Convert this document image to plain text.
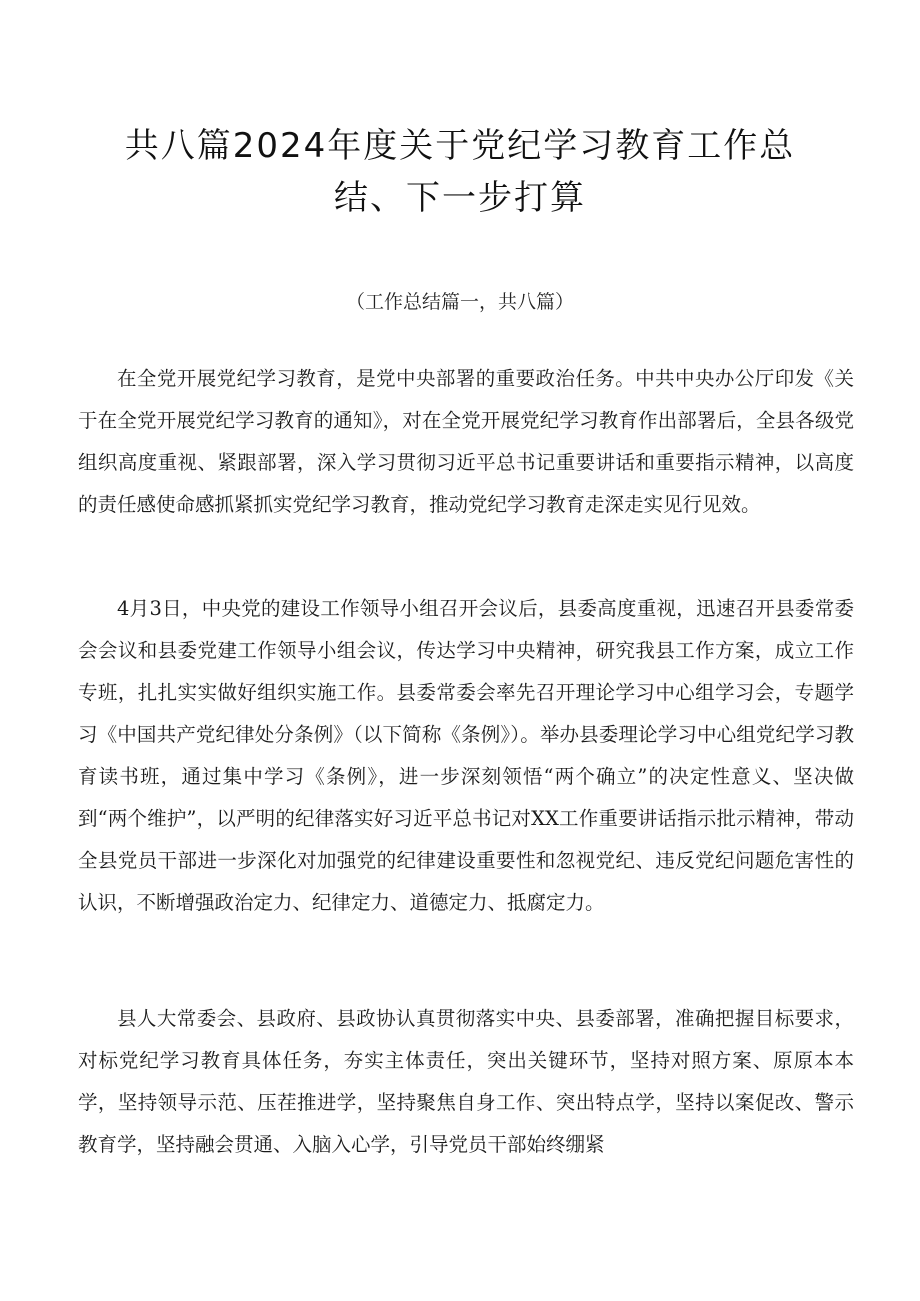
共八篇2024年度关于党纪学习教育工作总结、下一步打算
（工作总结篇一，共八篇）

在全党开展党纪学习教育，是党中央部署的重要政治任务。中共中央办公厅印发《关于在全党开展党纪学习教育的通知》，对在全党开展党纪学习教育作出部署后，全县各级党组织高度重视、紧跟部署，深入学习贯彻习近平总书记重要讲话和重要指示精神，以高度的责任感使命感抓紧抓实党纪学习教育，推动党纪学习教育走深走实见行见效。

4月3日，中央党的建设工作领导小组召开会议后，县委高度重视，迅速召开县委常委会会议和县委党建工作领导小组会议，传达学习中央精神，研究我县工作方案，成立工作专班，扎扎实实做好组织实施工作。县委常委会率先召开理论学习中心组学习会，专题学习《中国共产党纪律处分条例》（以下简称《条例》）。举办县委理论学习中心组党纪学习教育读书班，通过集中学习《条例》，进一步深刻领悟“两个确立”的决定性意义、坚决做到“两个维护”，以严明的纪律落实好习近平总书记对XX工作重要讲话指示批示精神，带动全县党员干部进一步深化对加强党的纪律建设重要性和忽视党纪、违反党纪问题危害性的认识，不断增强政治定力、纪律定力、道德定力、抵腐定力。

县人大常委会、县政府、县政协认真贯彻落实中央、县委部署，准确把握目标要求，对标党纪学习教育具体任务，夯实主体责任，突出关键环节，坚持对照方案、原原本本学，坚持领导示范、压茬推进学，坚持聚焦自身工作、突出特点学，坚持以案促改、警示教育学，坚持融会贯通、入脑入心学，引导党员干部始终绷紧
